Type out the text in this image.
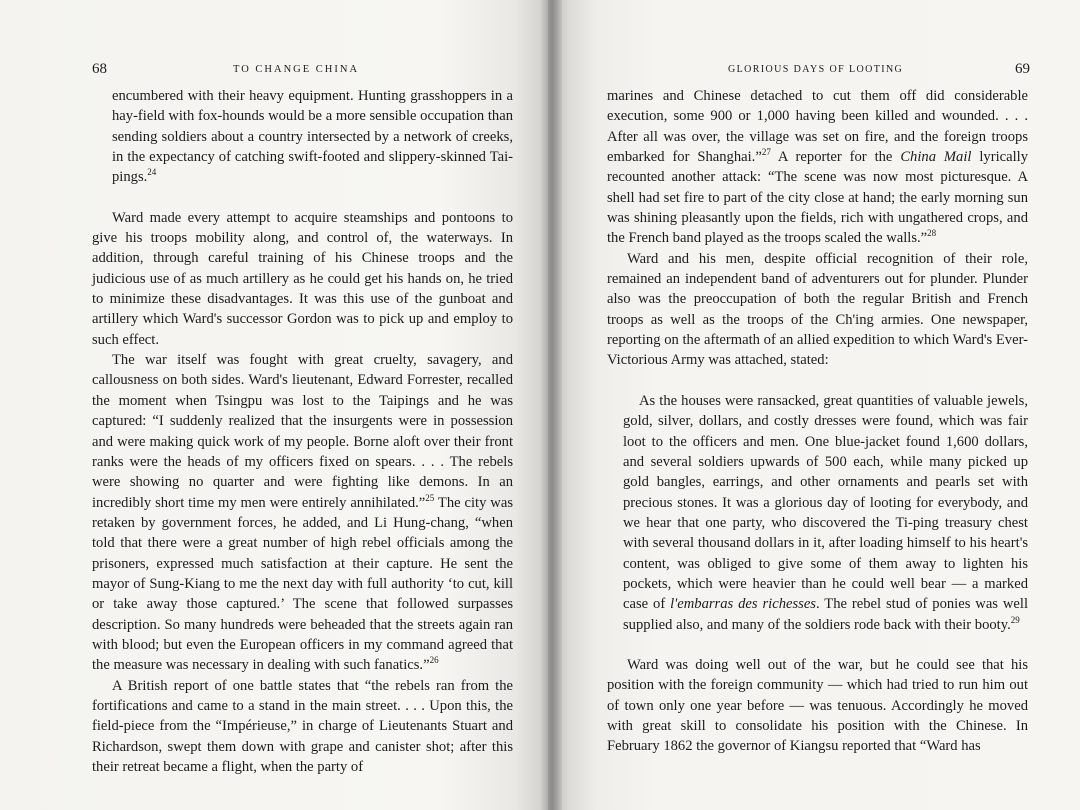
68	TO CHANGE CHINA

encumbered with their heavy equipment. Hunting grasshoppers in a hay-field with fox-hounds would be a more sensible occupation than sending soldiers about a country intersected by a network of creeks, in the expectancy of catching swift-footed and slippery-skinned Tai-pings.$^{24}$

Ward made every attempt to acquire steamships and pontoons to give his troops mobility along, and control of, the waterways. In addition, through careful training of his Chinese troops and the judicious use of as much artillery as he could get his hands on, he tried to minimize these disadvantages. It was this use of the gunboat and artillery which Ward's successor Gordon was to pick up and employ to such effect.

The war itself was fought with great cruelty, savagery, and callousness on both sides. Ward's lieutenant, Edward Forrester, recalled the moment when Tsingpu was lost to the Taipings and he was captured: “I suddenly realized that the insurgents were in possession and were making quick work of my people. Borne aloft over their front ranks were the heads of my officers fixed on spears. . . . The rebels were showing no quarter and were fighting like demons. In an incredibly short time my men were entirely annihilated.”$^{25}$ The city was retaken by government forces, he added, and Li Hung-chang, “when told that there were a great number of high rebel officials among the prisoners, expressed much satisfaction at their capture. He sent the mayor of Sung-Kiang to me the next day with full authority ‘to cut, kill or take away those captured.’ The scene that followed surpasses description. So many hundreds were beheaded that the streets again ran with blood; but even the European officers in my command agreed that the measure was necessary in dealing with such fanatics.”$^{26}$

A British report of one battle states that “the rebels ran from the fortifications and came to a stand in the main street. . . . Upon this, the field-piece from the “Impérieuse,” in charge of Lieutenants Stuart and Richardson, swept them down with grape and canister shot; after this their retreat became a flight, when the party of

GLORIOUS DAYS OF LOOTING	69

marines and Chinese detached to cut them off did considerable execution, some 900 or 1,000 having been killed and wounded. . . . After all was over, the village was set on fire, and the foreign troops embarked for Shanghai.”$^{27}$ A reporter for the China Mail lyrically recounted another attack: “The scene was now most picturesque. A shell had set fire to part of the city close at hand; the early morning sun was shining pleasantly upon the fields, rich with ungathered crops, and the French band played as the troops scaled the walls.”$^{28}$

Ward and his men, despite official recognition of their role, remained an independent band of adventurers out for plunder. Plunder also was the preoccupation of both the regular British and French troops as well as the troops of the Ch'ing armies. One newspaper, reporting on the aftermath of an allied expedition to which Ward's Ever-Victorious Army was attached, stated:

As the houses were ransacked, great quantities of valuable jewels, gold, silver, dollars, and costly dresses were found, which was fair loot to the officers and men. One blue-jacket found 1,600 dollars, and several soldiers upwards of 500 each, while many picked up gold bangles, earrings, and other ornaments and pearls set with precious stones. It was a glorious day of looting for everybody, and we hear that one party, who discovered the Ti-ping treasury chest with several thousand dollars in it, after loading himself to his heart's content, was obliged to give some of them away to lighten his pockets, which were heavier than he could well bear — a marked case of l'embarras des richesses. The rebel stud of ponies was well supplied also, and many of the soldiers rode back with their booty.$^{29}$

Ward was doing well out of the war, but he could see that his position with the foreign community — which had tried to run him out of town only one year before — was tenuous. Accordingly he moved with great skill to consolidate his position with the Chinese. In February 1862 the governor of Kiangsu reported that “Ward has
